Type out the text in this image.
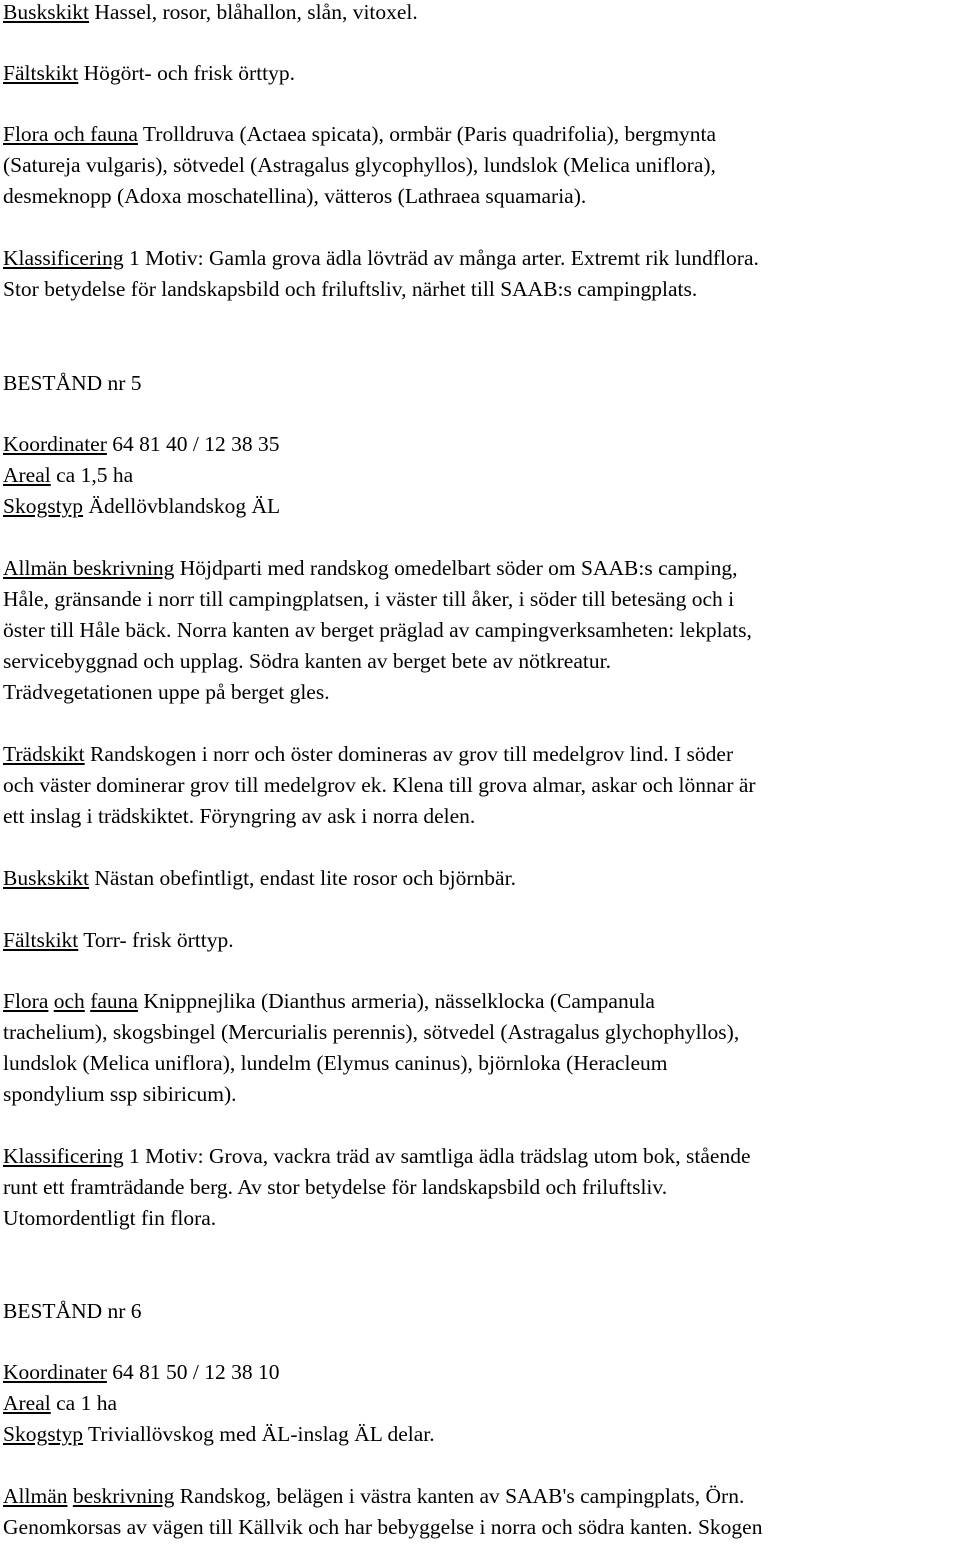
Buskskikt Hassel, rosor, blåhallon, slån, vitoxel.
Fältskikt Högört- och frisk örttyp.
Flora och fauna Trolldruva (Actaea spicata), ormbär (Paris quadrifolia), bergmynta
(Satureja vulgaris), sötvedel (Astragalus glycophyllos), lundslok (Melica uniflora),
desmeknopp (Adoxa moschatellina), vätteros (Lathraea squamaria).
Klassificering 1 Motiv: Gamla grova ädla lövträd av många arter. Extremt rik lundflora.
Stor betydelse för landskapsbild och friluftsliv, närhet till SAAB:s campingplats.
BESTÅND nr 5
Koordinater 64 81 40 / 12 38 35
Areal ca 1,5 ha
Skogstyp Ädellövblandskog ÄL
Allmän beskrivning Höjdparti med randskog omedelbart söder om SAAB:s camping,
Håle, gränsande i norr till campingplatsen, i väster till åker, i söder till betesäng och i
öster till Håle bäck. Norra kanten av berget präglad av campingverksamheten: lekplats,
servicebyggnad och upplag. Södra kanten av berget bete av nötkreatur.
Trädvegetationen uppe på berget gles.
Trädskikt Randskogen i norr och öster domineras av grov till medelgrov lind. I söder
och väster dominerar grov till medelgrov ek. Klena till grova almar, askar och lönnar är
ett inslag i trädskiktet. Föryngring av ask i norra delen.
Buskskikt Nästan obefintligt, endast lite rosor och björnbär.
Fältskikt Torr- frisk örttyp.
Flora och fauna Knippnejlika (Dianthus armeria), nässelklocka (Campanula
trachelium), skogsbingel (Mercurialis perennis), sötvedel (Astragalus glychophyllos),
lundslok (Melica uniflora), lundelm (Elymus caninus), björnloka (Heracleum
spondylium ssp sibiricum).
Klassificering 1 Motiv: Grova, vackra träd av samtliga ädla trädslag utom bok, stående
runt ett framträdande berg. Av stor betydelse för landskapsbild och friluftsliv.
Utomordentligt fin flora.
BESTÅND nr 6
Koordinater 64 81 50 / 12 38 10
Areal ca 1 ha
Skogstyp Triviallövskog med ÄL-inslag ÄL delar.
Allmän beskrivning Randskog, belägen i västra kanten av SAAB's campingplats, Örn.
Genomkorsas av vägen till Källvik och har bebyggelse i norra och södra kanten. Skogen
